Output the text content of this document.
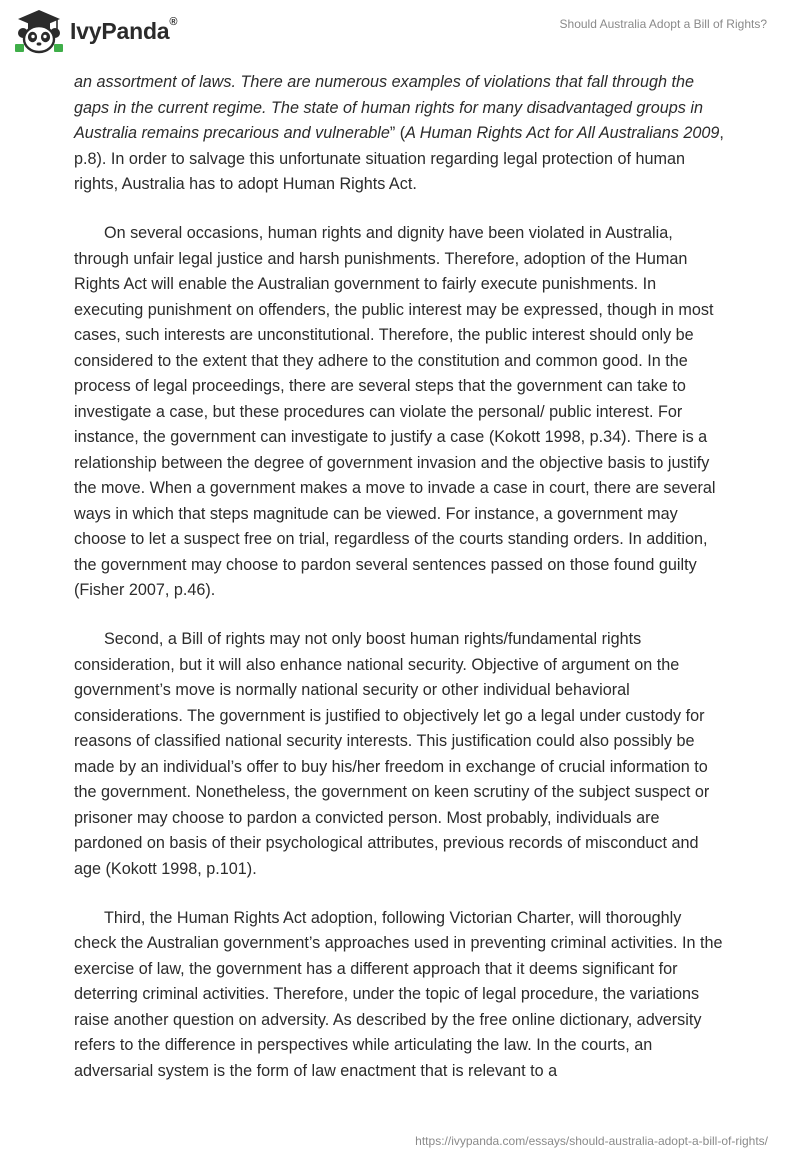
IvyPanda®	Should Australia Adopt a Bill of Rights?

an assortment of laws. There are numerous examples of violations that fall through the gaps in the current regime. The state of human rights for many disadvantaged groups in Australia remains precarious and vulnerable” (A Human Rights Act for All Australians 2009, p.8). In order to salvage this unfortunate situation regarding legal protection of human rights, Australia has to adopt Human Rights Act.

On several occasions, human rights and dignity have been violated in Australia, through unfair legal justice and harsh punishments. Therefore, adoption of the Human Rights Act will enable the Australian government to fairly execute punishments. In executing punishment on offenders, the public interest may be expressed, though in most cases, such interests are unconstitutional. Therefore, the public interest should only be considered to the extent that they adhere to the constitution and common good. In the process of legal proceedings, there are several steps that the government can take to investigate a case, but these procedures can violate the personal/ public interest. For instance, the government can investigate to justify a case (Kokott 1998, p.34). There is a relationship between the degree of government invasion and the objective basis to justify the move. When a government makes a move to invade a case in court, there are several ways in which that steps magnitude can be viewed. For instance, a government may choose to let a suspect free on trial, regardless of the courts standing orders. In addition, the government may choose to pardon several sentences passed on those found guilty (Fisher 2007, p.46).

Second, a Bill of rights may not only boost human rights/fundamental rights consideration, but it will also enhance national security. Objective of argument on the government’s move is normally national security or other individual behavioral considerations. The government is justified to objectively let go a legal under custody for reasons of classified national security interests. This justification could also possibly be made by an individual’s offer to buy his/her freedom in exchange of crucial information to the government. Nonetheless, the government on keen scrutiny of the subject suspect or prisoner may choose to pardon a convicted person. Most probably, individuals are pardoned on basis of their psychological attributes, previous records of misconduct and age (Kokott 1998, p.101).

Third, the Human Rights Act adoption, following Victorian Charter, will thoroughly check the Australian government’s approaches used in preventing criminal activities. In the exercise of law, the government has a different approach that it deems significant for deterring criminal activities. Therefore, under the topic of legal procedure, the variations raise another question on adversity. As described by the free online dictionary, adversity refers to the difference in perspectives while articulating the law. In the courts, an adversarial system is the form of law enactment that is relevant to a

https://ivypanda.com/essays/should-australia-adopt-a-bill-of-rights/
